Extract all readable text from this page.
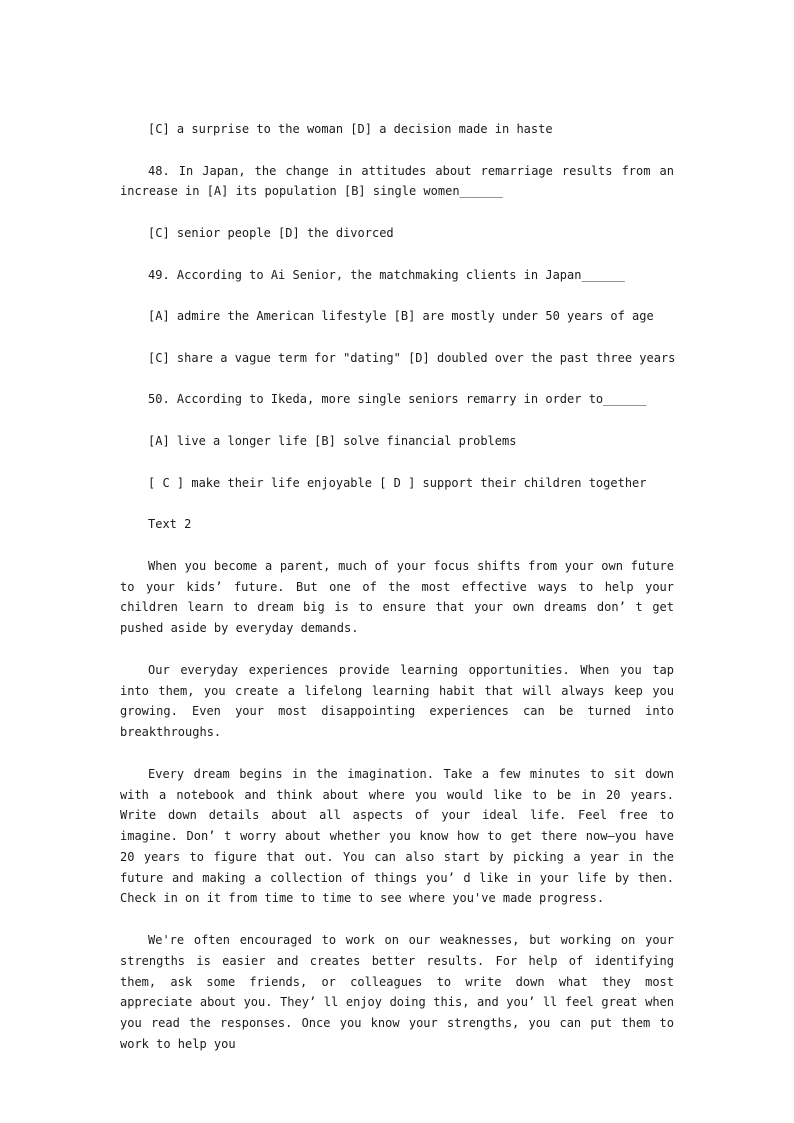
[C] a surprise to the woman [D] a decision made in haste

48. In Japan, the change in attitudes about remarriage results from an increase in [A] its population [B] single women______

[C] senior people [D] the divorced

49. According to Ai Senior, the matchmaking clients in Japan______

[A] admire the American lifestyle [B] are mostly under 50 years of age

[C] share a vague term for "dating" [D] doubled over the past three years

50. According to Ikeda, more single seniors remarry in order to______

[A] live a longer life [B] solve financial problems

[ C ] make their life enjoyable [ D ] support their children together

Text 2

When you become a parent, much of your focus shifts from your own future to your kids’ future. But one of the most effective ways to help your children learn to dream big is to ensure that your own dreams don’ t get pushed aside by everyday demands.

Our everyday experiences provide learning opportunities. When you tap into them, you create a lifelong learning habit that will always keep you growing. Even your most disappointing experiences can be turned into breakthroughs.

Every dream begins in the imagination. Take a few minutes to sit down with a notebook and think about where you would like to be in 20 years. Write down details about all aspects of your ideal life. Feel free to imagine. Don’ t worry about whether you know how to get there now—you have 20 years to figure that out. You can also start by picking a year in the future and making a collection of things you’ d like in your life by then. Check in on it from time to time to see where you've made progress.

We're often encouraged to work on our weaknesses, but working on your strengths is easier and creates better results. For help of identifying them, ask some friends, or colleagues to write down what they most appreciate about you. They’ ll enjoy doing this, and you’ ll feel great when you read the responses. Once you know your strengths, you can put them to work to help you
